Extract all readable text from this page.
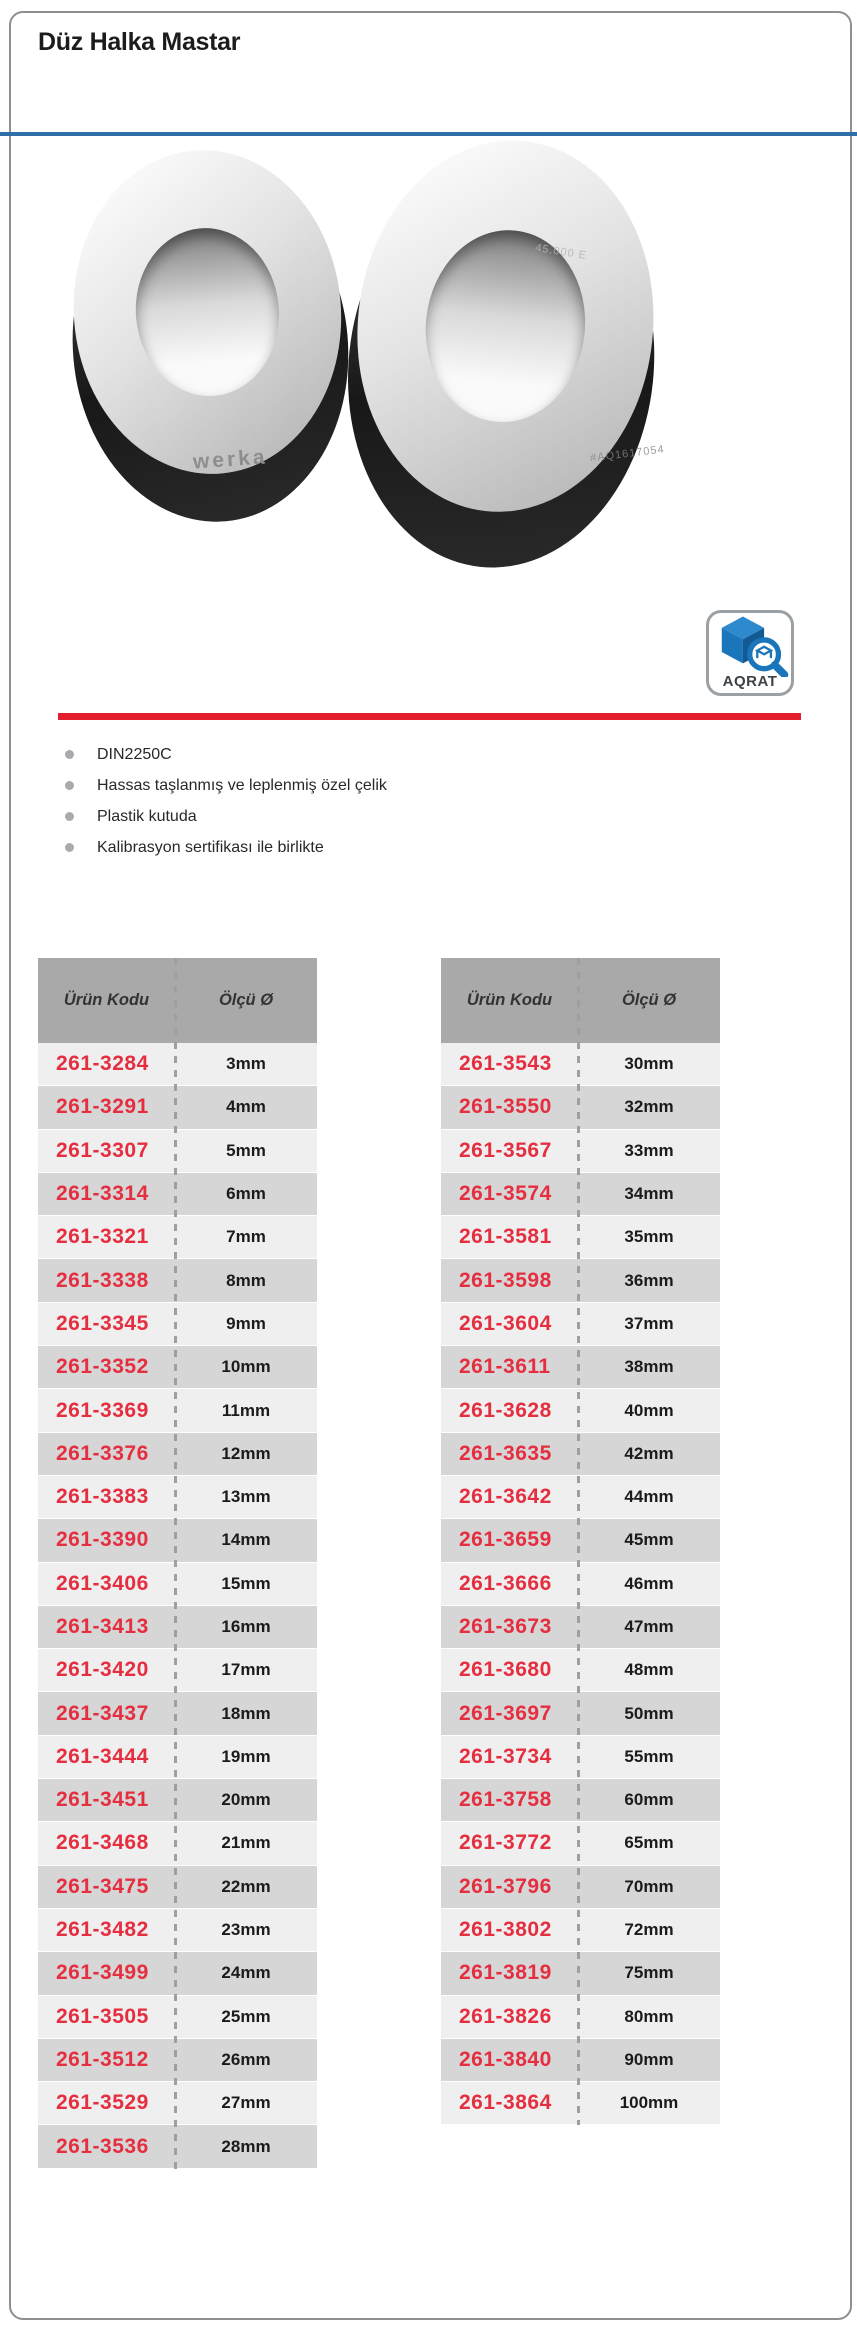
Düz Halka Mastar
45.000 E
werka	#AQ1617054
AQRAT
DIN2250C
Hassas taşlanmış ve leplenmiş özel çelik
Plastik kutuda
Kalibrasyon sertifikası ile birlikte
Ürün Kodu	Ölçü Ø
261-3284	3mm
261-3291	4mm
261-3307	5mm
261-3314	6mm
261-3321	7mm
261-3338	8mm
261-3345	9mm
261-3352	10mm
261-3369	11mm
261-3376	12mm
261-3383	13mm
261-3390	14mm
261-3406	15mm
261-3413	16mm
261-3420	17mm
261-3437	18mm
261-3444	19mm
261-3451	20mm
261-3468	21mm
261-3475	22mm
261-3482	23mm
261-3499	24mm
261-3505	25mm
261-3512	26mm
261-3529	27mm
261-3536	28mm
Ürün Kodu	Ölçü Ø
261-3543	30mm
261-3550	32mm
261-3567	33mm
261-3574	34mm
261-3581	35mm
261-3598	36mm
261-3604	37mm
261-3611	38mm
261-3628	40mm
261-3635	42mm
261-3642	44mm
261-3659	45mm
261-3666	46mm
261-3673	47mm
261-3680	48mm
261-3697	50mm
261-3734	55mm
261-3758	60mm
261-3772	65mm
261-3796	70mm
261-3802	72mm
261-3819	75mm
261-3826	80mm
261-3840	90mm
261-3864	100mm
